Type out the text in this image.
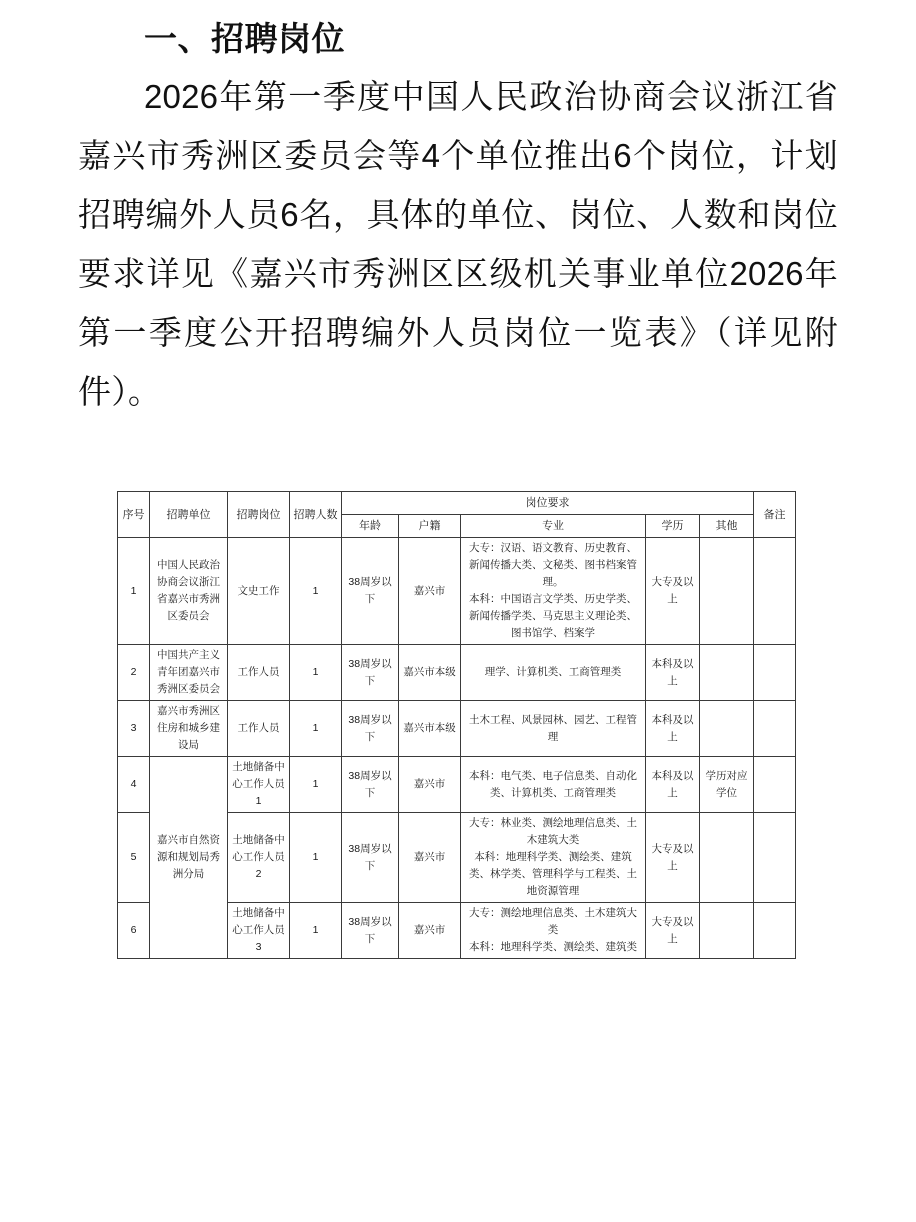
一、招聘岗位

2026年第一季度中国人民政治协商会议浙江省嘉兴市秀洲区委员会等4个单位推出6个岗位，计划招聘编外人员6名，具体的单位、岗位、人数和岗位要求详见《嘉兴市秀洲区区级机关事业单位2026年第一季度公开招聘编外人员岗位一览表》（详见附件）。

序号	招聘单位	招聘岗位	招聘人数	岗位要求					备注
				年龄	户籍	专业	学历	其他	
1	中国人民政治协商会议浙江省嘉兴市秀洲区委员会	文史工作	1	38周岁以下	嘉兴市	大专：汉语、语文教育、历史教育、新闻传播大类、文秘类、图书档案管理。
本科：中国语言文学类、历史学类、新闻传播学类、马克思主义理论类、图书馆学、档案学	大专及以上		
2	中国共产主义青年团嘉兴市秀洲区委员会	工作人员	1	38周岁以下	嘉兴市本级	理学、计算机类、工商管理类	本科及以上		
3	嘉兴市秀洲区住房和城乡建设局	工作人员	1	38周岁以下	嘉兴市本级	土木工程、风景园林、园艺、工程管理	本科及以上		
4	嘉兴市自然资源和规划局秀洲分局	土地储备中心工作人员1	1	38周岁以下	嘉兴市	本科：电气类、电子信息类、自动化类、计算机类、工商管理类	本科及以上	学历对应学位	
5		土地储备中心工作人员2	1	38周岁以下	嘉兴市	大专：林业类、测绘地理信息类、土木建筑大类
本科：地理科学类、测绘类、建筑类、林学类、管理科学与工程类、土地资源管理	大专及以上		
6		土地储备中心工作人员3	1	38周岁以下	嘉兴市	大专：测绘地理信息类、土木建筑大类
本科：地理科学类、测绘类、建筑类	大专及以上		
